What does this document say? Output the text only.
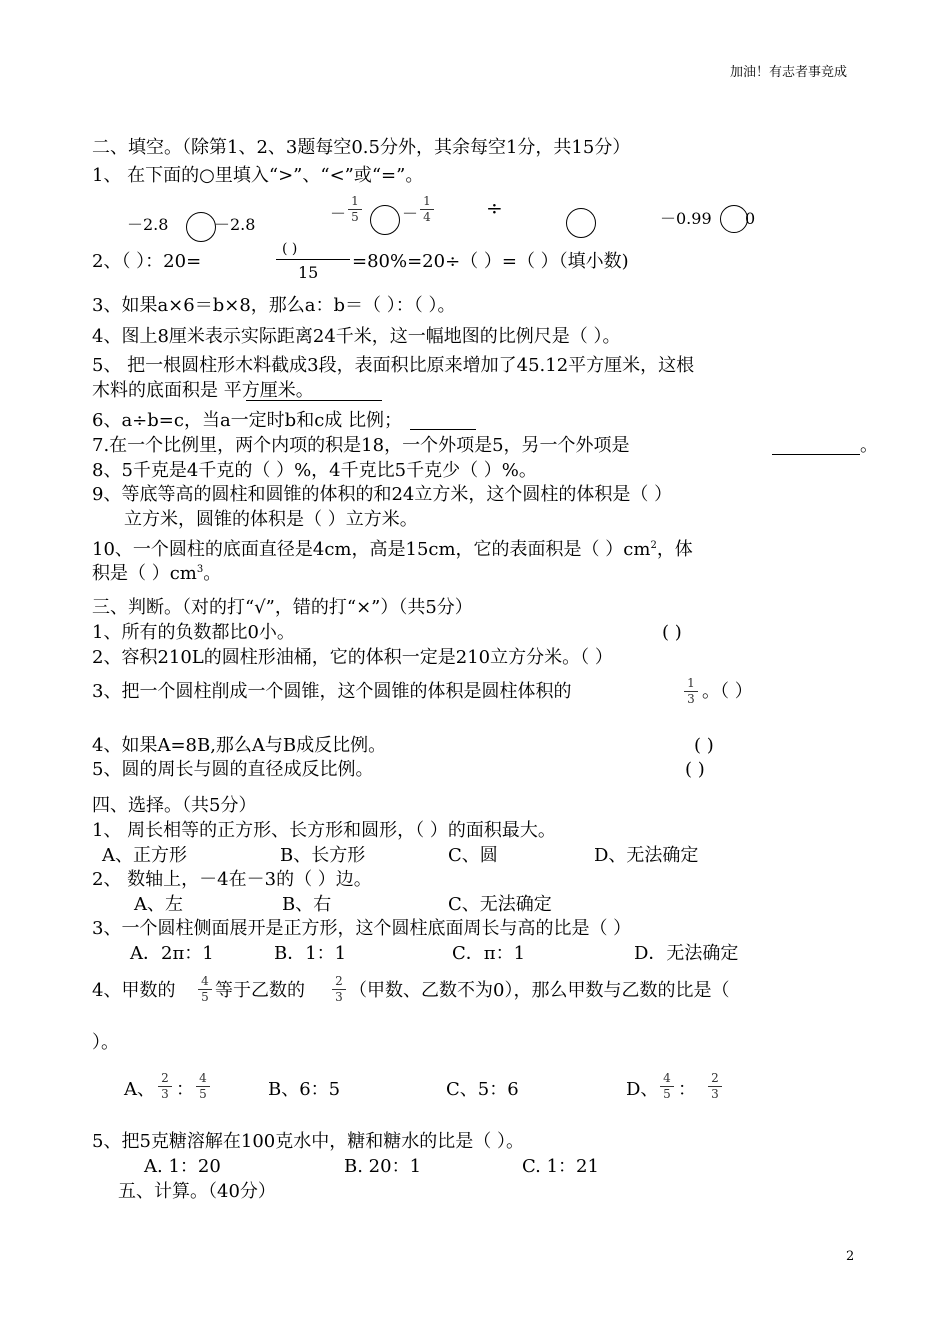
加油！有志者事竞成
2
二、填空。（除第1、2、3题每空0.5分外，其余每空1分，共15分）
1、 在下面的○里填入“>”、“<”或“=”。
－2.8	－2.8
－
1
5	－
1
4	÷	－0.99 0
2、（ ）：20=
( )
15
=80%=20÷（ ）=（ ）（填小数)
3、如果a×6＝b×8，那么a：b＝（ ）：（ ）。
4、图上8厘米表示实际距离24千米，这一幅地图的比例尺是（ ）。
5、 把一根圆柱形木料截成3段，表面积比原来增加了45.12平方厘米，这根
木料的底面积是 平方厘米。
6、a÷b=c，当a一定时b和c成 比例；
7.在一个比例里，两个内项的积是18，一个外项是5，另一个外项是	。
8、5千克是4千克的（ ）%，4千克比5千克少（ ）%。
9、等底等高的圆柱和圆锥的体积的和24立方米，这个圆柱的体积是（ ）
立方米，圆锥的体积是（ ）立方米。
10、一个圆柱的底面直径是4cm，高是15cm，它的表面积是（ ）$cm^2$，体
积是（ ）$cm^3$。
三、判断。（对的打“√”，错的打“×”）（共5分）
1、所有的负数都比0小。	( )
2、容积210L的圆柱形油桶，它的体积一定是210立方分米。（ ）
3、把一个圆柱削成一个圆锥，这个圆锥的体积是圆柱体积的	1
3 。（ ）
4、如果A=8B,那么A与B成反比例。	( )
5、圆的周长与圆的直径成反比例。	( )
四、选择。（共5分）
1、 周长相等的正方形、长方形和圆形，（ ）的面积最大。
A、正方形	B、长方形	C、圆	D、无法确定
2、 数轴上，－4在－3的（ ）边。
A、左	B、右	C、无法确定
3、一个圆柱侧面展开是正方形，这个圆柱底面周长与高的比是（ ）
A．2π：1	B．1：1	C．π：1	D．无法确定
4、甲数的 4
5 等于乙数的	2
3 （甲数、乙数不为0），那么甲数与乙数的比是（
）。
A、
2
3 ：
4
5	B、6：5	C、5：6	D、
4
5 ：
2
3
5、把5克糖溶解在100克水中，糖和糖水的比是（ ）。
A. 1：20	B. 20：1	C. 1：21
五、计算。（40分）
